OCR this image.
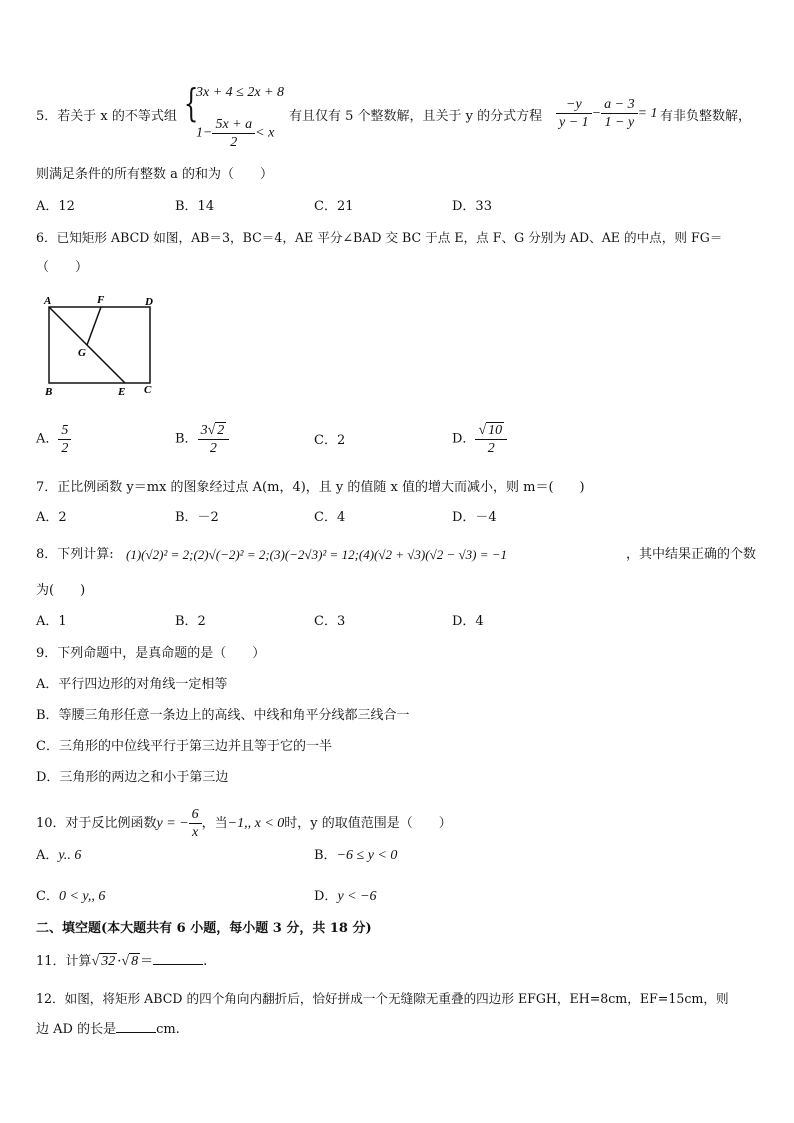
5．若关于 x 的不等式组 {
3x + 4 ≤ 2x + 8
$1- \frac{5x + a}{2} < x$
有且仅有 5 个整数解，且关于 y 的分式方程 $\frac{-y}{y - 1} - \frac{a - 3}{1 - y} = 1$ 有非负整数解，
则满足条件的所有整数 a 的和为（　　）
A．12	B．14	C．21	D．33
6．已知矩形 ABCD 如图，AB＝3，BC＝4，AE 平分∠BAD 交 BC 于点 E，点 F、G 分别为 AD、AE 的中点，则 FG＝
（　　）
A	F	D
G
B	E C
A． $\frac{5}{2}$	B． $\frac{3√ 2}{2}$	C．2	D． $\frac{√ 10}{2}$
7．正比例函数 y＝mx 的图象经过点 A(m，4)，且 y 的值随 x 值的增大而减小，则 m＝(　　)
A．2	B．－2	C．4	D．－4
8．下列计算: (1)(√2)² = 2;(2)√(−2)² = 2;(3)(−2√3)² = 12;(4)(√2 + √3)(√2 − √3) = −1	，其中结果正确的个数
为(　　)
A．1	B．2	C．3	D．4
9．下列命题中，是真命题的是（　　）
A．平行四边形的对角线一定相等
B．等腰三角形任意一条边上的高线、中线和角平分线都三线合一
C．三角形的中位线平行于第三边并且等于它的一半
D．三角形的两边之和小于第三边
10．对于反比例函数y = − $\frac{6}{x}$ ，当−1,, x < 0时，y 的取值范围是（　　）
A．y.. 6	B．−6 ≤ y < 0
C．0 < y,, 6	D．y < −6
二、填空题(本大题共有 6 小题，每小题 3 分，共 18 分)
11．计算√ 32 ·√ 8 ＝	.
12．如图，将矩形 ABCD 的四个角向内翻折后，恰好拼成一个无缝隙无重叠的四边形 EFGH，EH=8cm，EF=15cm，则
边 AD 的长是	cm.
